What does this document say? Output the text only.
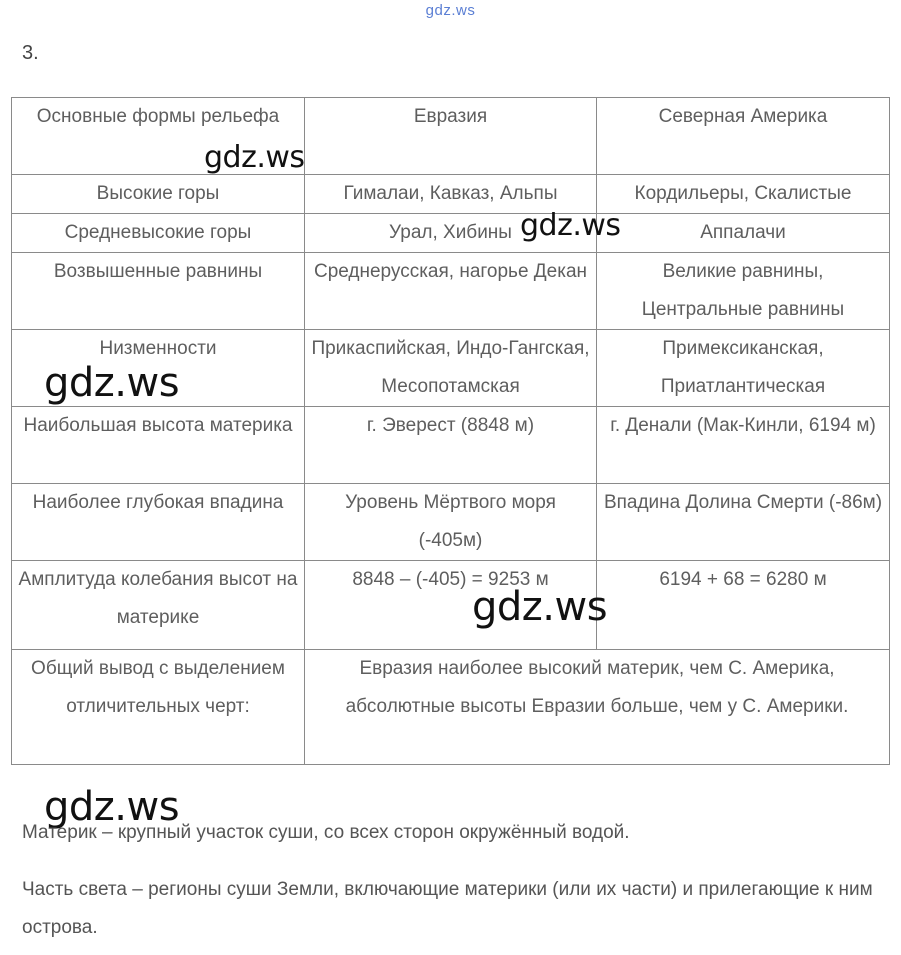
gdz.ws
3.
Основные формы рельефа	Евразия	Северная Америка
Высокие горы	Гималаи, Кавказ, Альпы	Кордильеры, Скалистые
Средневысокие горы	Урал, Хибины	Аппалачи
Возвышенные равнины	Среднерусская, нагорье Декан	Великие равнины, Центральные равнины
Низменности	Прикаспийская, Индо-Гангская, Месопотамская	Примексиканская, Приатлантическая
Наибольшая высота материка	г. Эверест (8848 м)	г. Денали (Мак-Кинли, 6194 м)
Наиболее глубокая впадина	Уровень Мёртвого моря (-405м)	Впадина Долина Смерти (-86м)
Амплитуда колебания высот на материке	8848 – (-405) = 9253 м	6194 + 68 = 6280 м
Общий вывод с выделением отличительных черт:	Евразия наиболее высокий материк, чем С. Америка, абсолютные высоты Евразии больше, чем у С. Америки.	
gdz.ws
gdz.ws
gdz.ws
gdz.ws
gdz.ws
Материк – крупный участок суши, со всех сторон окружённый водой.
Часть света – регионы суши Земли, включающие материки (или их части) и прилегающие к ним острова.
